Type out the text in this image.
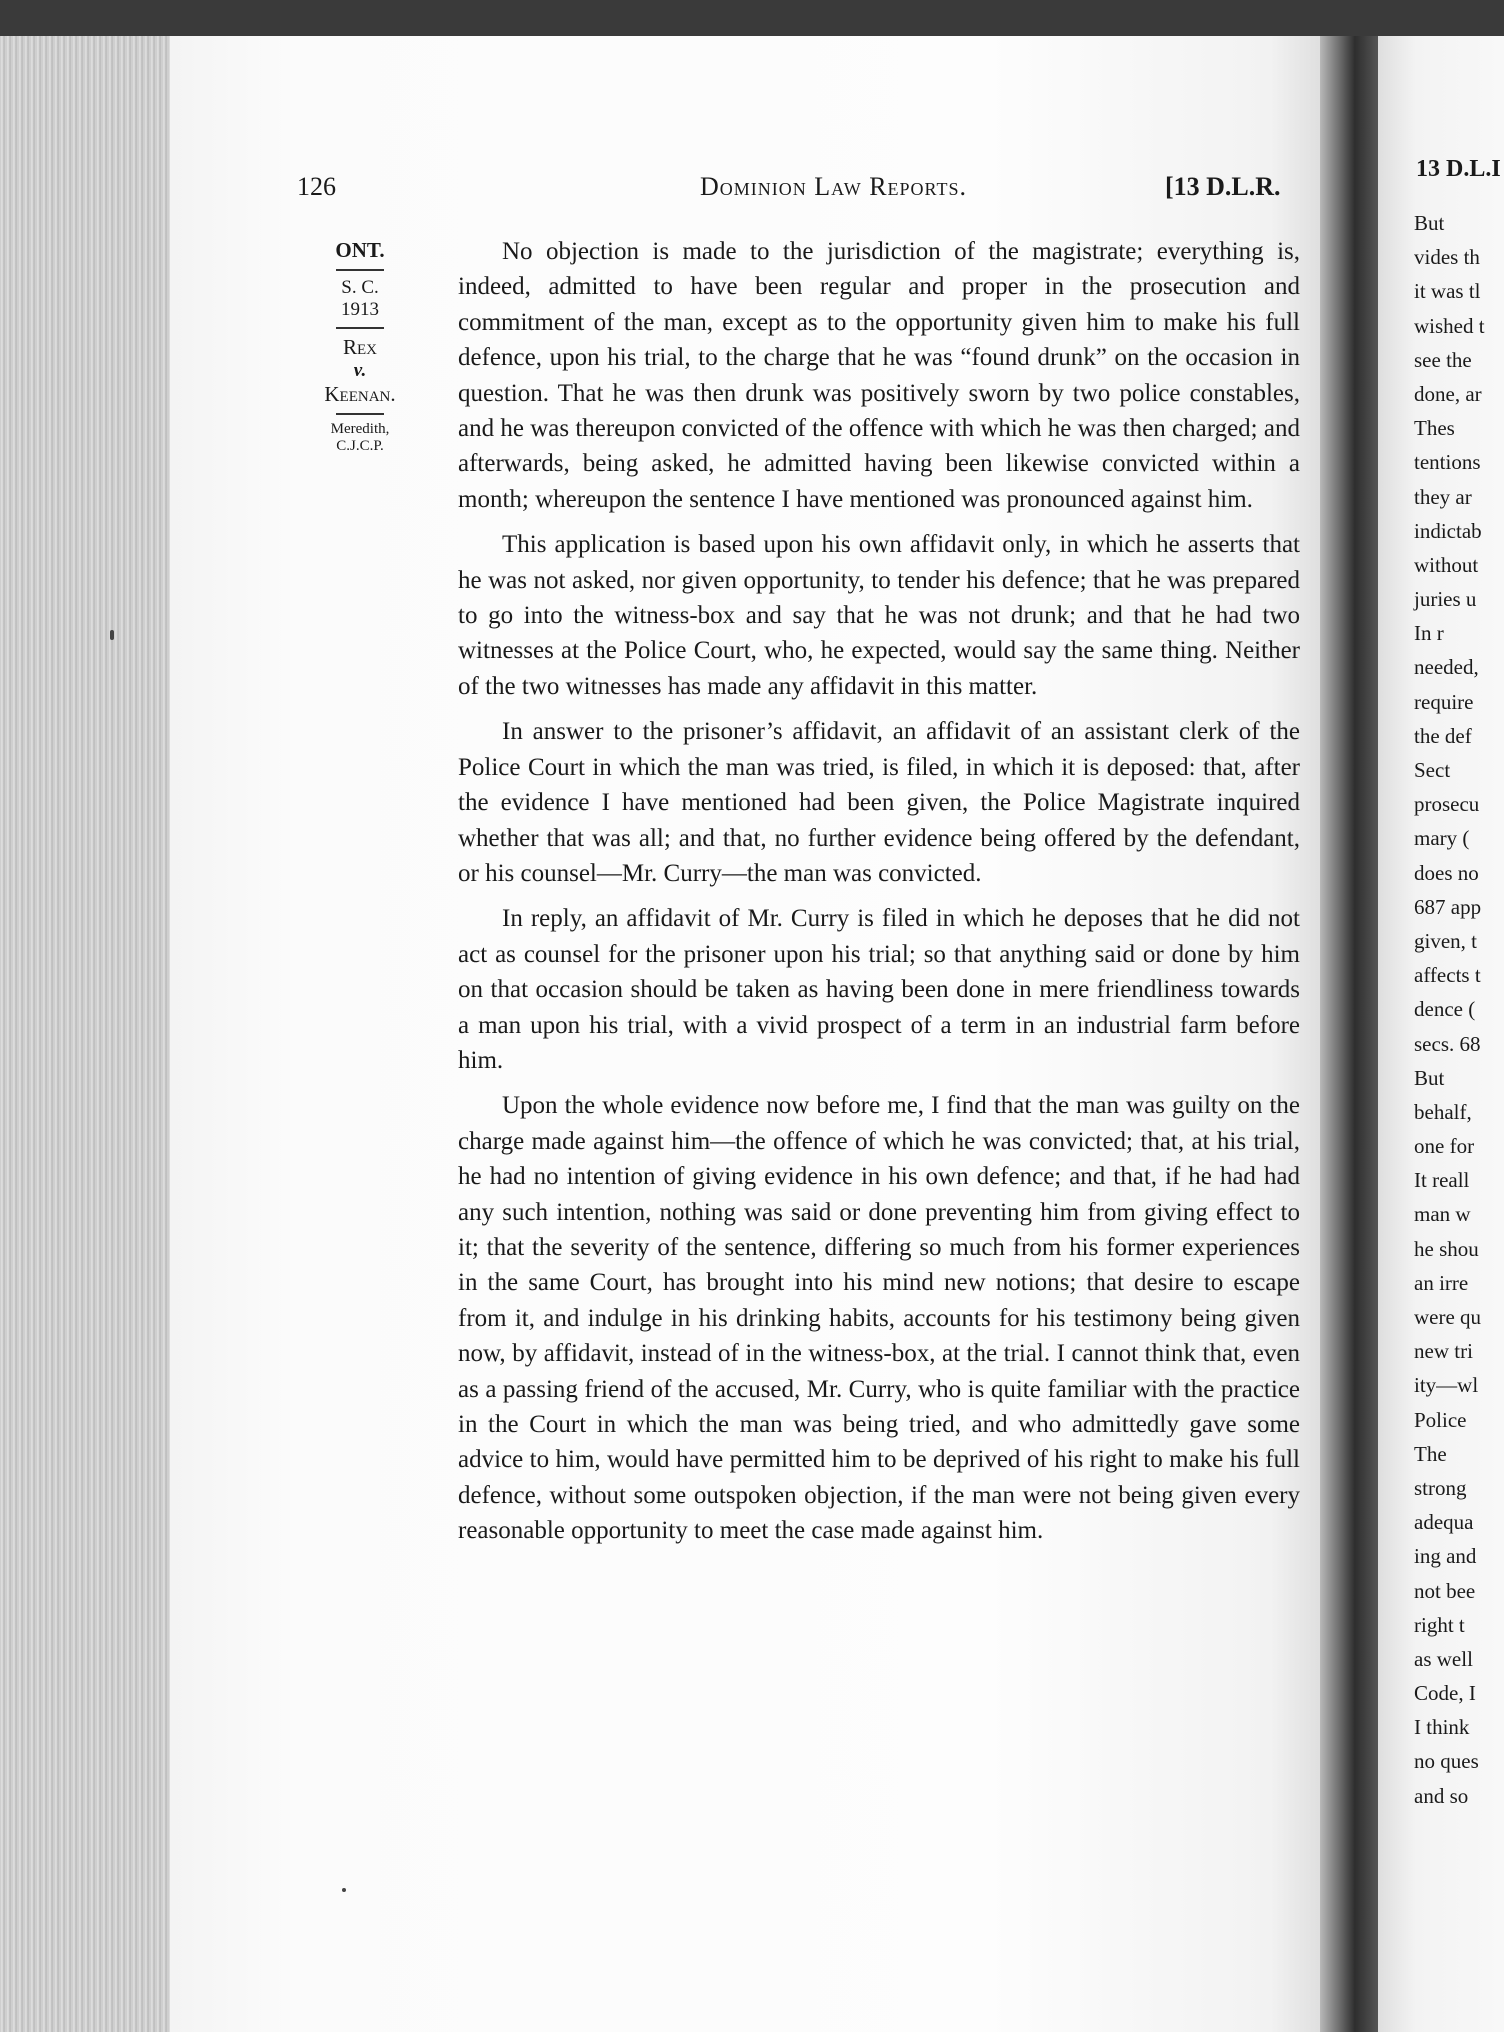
126	Dominion Law Reports.	[13 D.L.R.
ONT.
S. C.
1913
Rex
v.
Keenan.
Meredith,
C.J.C.P.

No objection is made to the jurisdiction of the magistrate; everything is, indeed, admitted to have been regular and proper in the prosecution and commitment of the man, except as to the opportunity given him to make his full defence, upon his trial, to the charge that he was “found drunk” on the occasion in question. That he was then drunk was positively sworn by two police constables, and he was thereupon convicted of the offence with which he was then charged; and afterwards, being asked, he admitted having been likewise convicted within a month; whereupon the sentence I have mentioned was pronounced against him.

This application is based upon his own affidavit only, in which he asserts that he was not asked, nor given opportunity, to tender his defence; that he was prepared to go into the witness-box and say that he was not drunk; and that he had two witnesses at the Police Court, who, he expected, would say the same thing. Neither of the two witnesses has made any affidavit in this matter.

In answer to the prisoner’s affidavit, an affidavit of an assistant clerk of the Police Court in which the man was tried, is filed, in which it is deposed: that, after the evidence I have mentioned had been given, the Police Magistrate inquired whether that was all; and that, no further evidence being offered by the defendant, or his counsel—Mr. Curry—the man was convicted.

In reply, an affidavit of Mr. Curry is filed in which he deposes that he did not act as counsel for the prisoner upon his trial; so that anything said or done by him on that occasion should be taken as having been done in mere friendliness towards a man upon his trial, with a vivid prospect of a term in an industrial farm before him.

Upon the whole evidence now before me, I find that the man was guilty on the charge made against him—the offence of which he was convicted; that, at his trial, he had no intention of giving evidence in his own defence; and that, if he had had any such intention, nothing was said or done preventing him from giving effect to it; that the severity of the sentence, differing so much from his former experiences in the same Court, has brought into his mind new notions; that desire to escape from it, and indulge in his drinking habits, accounts for his testimony being given now, by affidavit, instead of in the witness-box, at the trial. I cannot think that, even as a passing friend of the accused, Mr. Curry, who is quite familiar with the practice in the Court in which the man was being tried, and who admittedly gave some advice to him, would have permitted him to be deprived of his right to make his full defence, without some outspoken objection, if the man were not being given every reasonable opportunity to meet the case made against him.

13 D.L.I
But
vides th
it was tl
wished t
see the
done, ar
Thes
tentions
they ar
indictab
without
juries u
In r
needed,
require
the def
Sect
prosecu
mary (
does no
687 app
given, t
affects t
dence (
secs. 68
But
behalf,
one for
It reall
man w
he shou
an irre
were qu
new tri
ity—wl
Police
The
strong
adequa
ing and
not bee
right t
as well
Code, I
I think
no ques
and so
